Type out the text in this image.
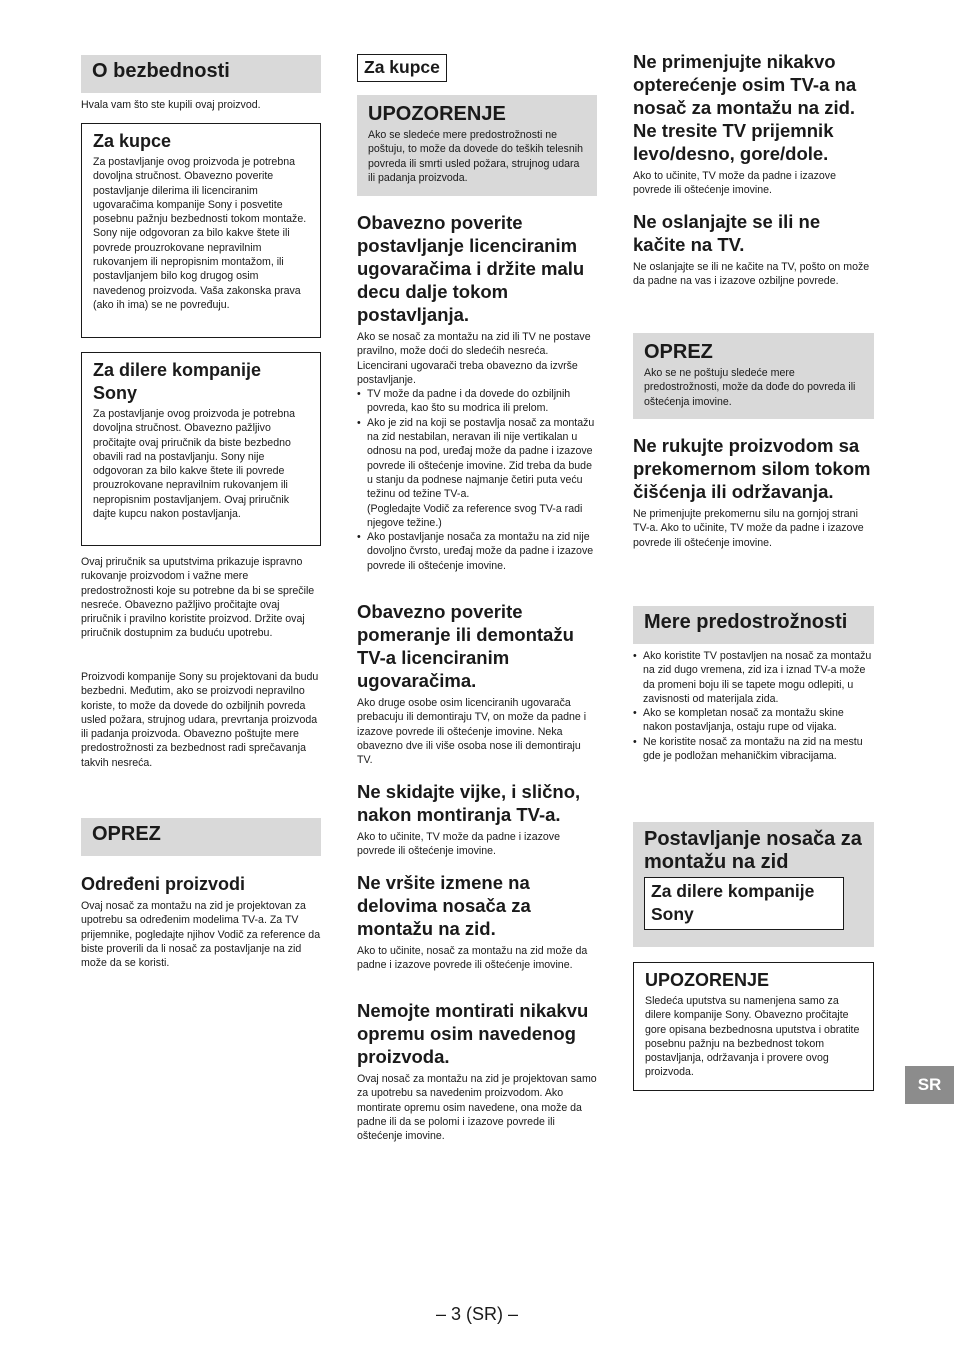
O bezbednosti

Hvala vam što ste kupili ovaj proizvod.

Za kupce

Za postavljanje ovog proizvoda je potrebna dovoljna stručnost. Obavezno poverite postavljanje dilerima ili licenciranim ugovaračima kompanije Sony i posvetite posebnu pažnju bezbednosti tokom montaže. Sony nije odgovoran za bilo kakve štete ili povrede prouzrokovane nepravilnim rukovanjem ili nepropisnim montažom, ili postavljanjem bilo kog drugog osim navedenog proizvoda. Vaša zakonska prava (ako ih ima) se ne povređuju.

Za dilere kompanije Sony

Za postavljanje ovog proizvoda je potrebna dovoljna stručnost. Obavezno pažljivo pročitajte ovaj priručnik da biste bezbedno obavili rad na postavljanju. Sony nije odgovoran za bilo kakve štete ili povrede prouzrokovane nepravilnim rukovanjem ili nepropisnim postavljanjem. Ovaj priručnik dajte kupcu nakon postavljanja.

Ovaj priručnik sa uputstvima prikazuje ispravno rukovanje proizvodom i važne mere predostrožnosti koje su potrebne da bi se sprečile nesreće. Obavezno pažljivo pročitajte ovaj priručnik i pravilno koristite proizvod. Držite ovaj priručnik dostupnim za buduću upotrebu.

Proizvodi kompanije Sony su projektovani da budu bezbedni. Međutim, ako se proizvodi nepravilno koriste, to može da dovede do ozbiljnih povreda usled požara, strujnog udara, prevrtanja proizvoda ili padanja proizvoda. Obavezno poštujte mere predostrožnosti za bezbednost radi sprečavanja takvih nesreća.

OPREZ
Određeni proizvodi

Ovaj nosač za montažu na zid je projektovan za upotrebu sa određenim modelima TV-a. Za TV prijemnike, pogledajte njihov Vodič za reference da biste proverili da li nosač za postavljanje na zid može da se koristi.

Za kupce
UPOZORENJE

Ako se sledeće mere predostrožnosti ne poštuju, to može da dovede do teških telesnih povreda ili smrti usled požara, strujnog udara ili padanja proizvoda.

Obavezno poverite postavljanje licenciranim ugovaračima i držite malu decu dalje tokom postavljanja.

Ako se nosač za montažu na zid ili TV ne postave pravilno, može doći do sledećih nesreća. Licencirani ugovarači treba obavezno da izvrše postavljanje.

• TV može da padne i da dovede do ozbiljnih povreda, kao što su modrica ili prelom.
• Ako je zid na koji se postavlja nosač za montažu na zid nestabilan, neravan ili nije vertikalan u odnosu na pod, uređaj može da padne i izazove povrede ili oštećenje imovine. Zid treba da bude u stanju da podnese najmanje četiri puta veću težinu od težine TV-a.
(Pogledajte Vodič za reference svog TV-a radi njegove težine.)
• Ako postavljanje nosača za montažu na zid nije dovoljno čvrsto, uređaj može da padne i izazove povrede ili oštećenje imovine.
Obavezno poverite pomeranje ili demontažu TV-a licenciranim ugovaračima.

Ako druge osobe osim licenciranih ugovarača prebacuju ili demontiraju TV, on može da padne i izazove povrede ili oštećenje imovine. Neka obavezno dve ili više osoba nose ili demontiraju TV.

Ne skidajte vijke, i slično, nakon montiranja TV-a.

Ako to učinite, TV može da padne i izazove povrede ili oštećenje imovine.

Ne vršite izmene na delovima nosača za montažu na zid.

Ako to učinite, nosač za montažu na zid može da padne i izazove povrede ili oštećenje imovine.

Nemojte montirati nikakvu opremu osim navedenog proizvoda.

Ovaj nosač za montažu na zid je projektovan samo za upotrebu sa navedenim proizvodom. Ako montirate opremu osim navedene, ona može da padne ili da se polomi i izazove povrede ili oštećenje imovine.

Ne primenjujte nikakvo opterećenje osim TV-a na nosač za montažu na zid. Ne tresite TV prijemnik levo/desno, gore/dole.

Ako to učinite, TV može da padne i izazove povrede ili oštećenje imovine.

Ne oslanjajte se ili ne kačite na TV.

Ne oslanjajte se ili ne kačite na TV, pošto on može da padne na vas i izazove ozbiljne povrede.

OPREZ

Ako se ne poštuju sledeće mere predostrožnosti, može da dođe do povreda ili oštećenja imovine.

Ne rukujte proizvodom sa prekomernom silom tokom čišćenja ili održavanja.

Ne primenjujte prekomernu silu na gornjoj strani TV-a. Ako to učinite, TV može da padne i izazove povrede ili oštećenje imovine.

Mere predostrožnosti
• Ako koristite TV postavljen na nosač za montažu na zid dugo vremena, zid iza i iznad TV-a može da promeni boju ili se tapete mogu odlepiti, u zavisnosti od materijala zida.
• Ako se kompletan nosač za montažu skine nakon postavljanja, ostaju rupe od vijaka.
• Ne koristite nosač za montažu na zid na mestu gde je podložan mehaničkim vibracijama.
Postavljanje nosača za montažu na zid
Za dilere kompanije Sony
UPOZORENJE

Sledeća uputstva su namenjena samo za dilere kompanije Sony. Obavezno pročitajte gore opisana bezbednosna uputstva i obratite posebnu pažnju na bezbednost tokom postavljanja, održavanja i provere ovog proizvoda.

SR
– 3 (SR) –
